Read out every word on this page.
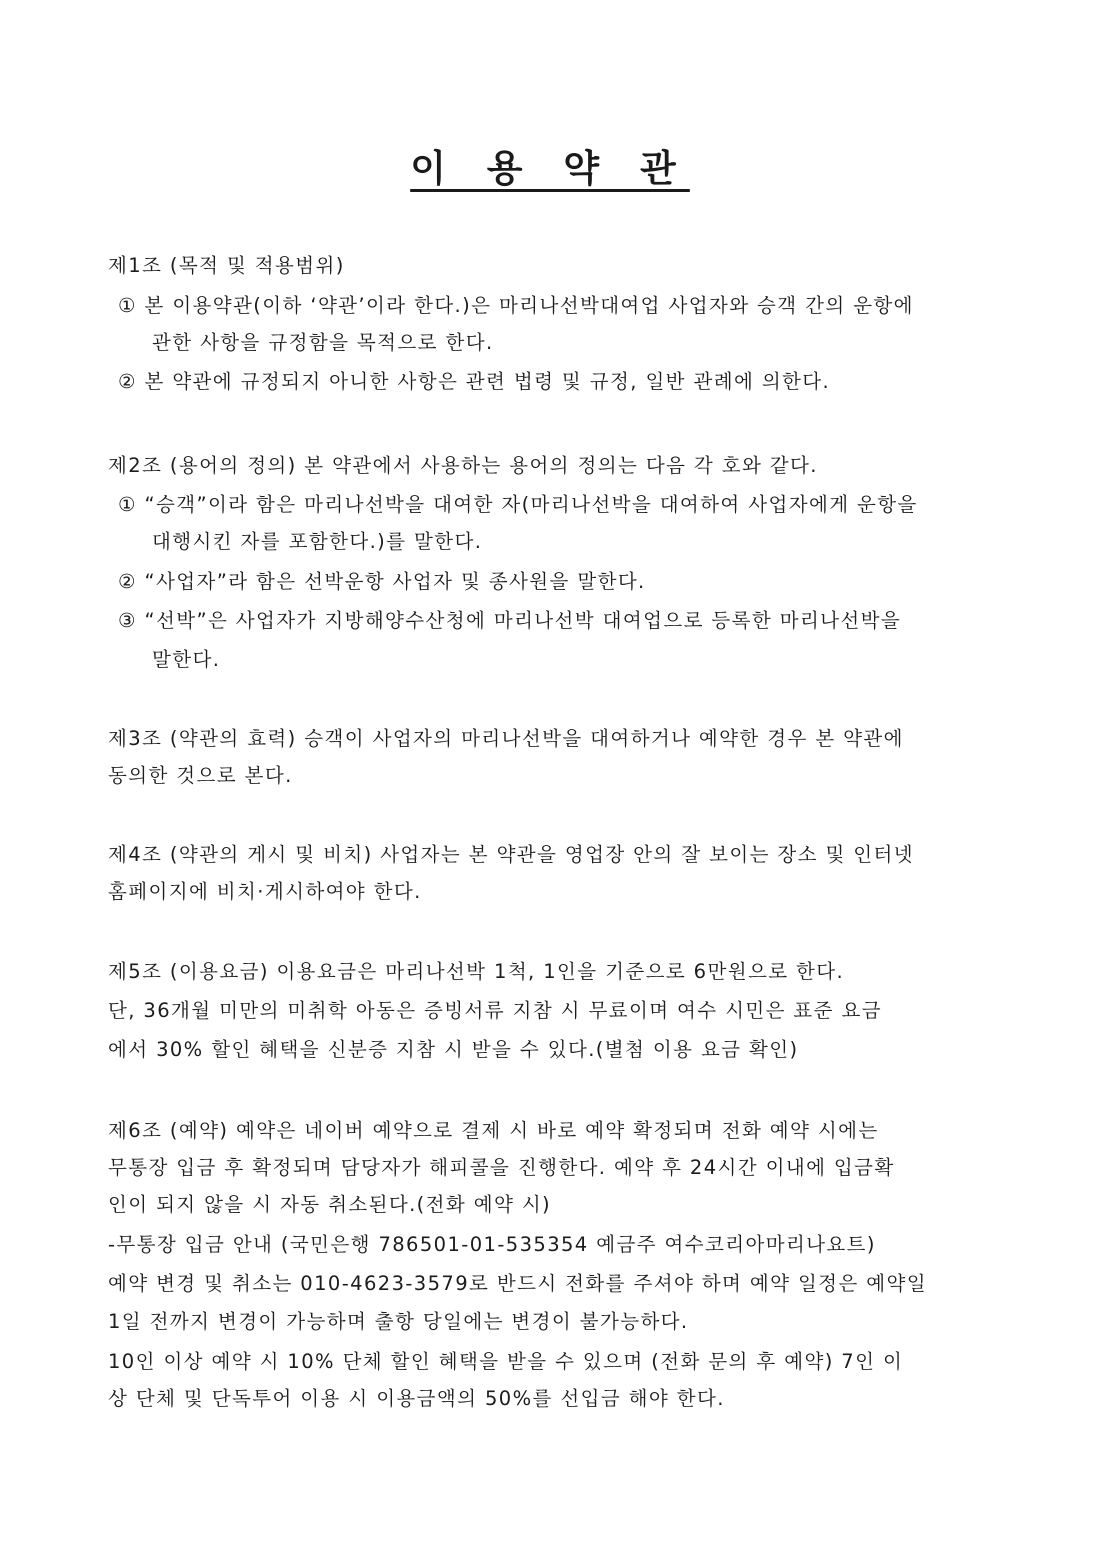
이 용 약 관
제1조 (목적 및 적용범위)
① 본 이용약관(이하 ‘약관’이라 한다.)은 마리나선박대여업 사업자와 승객 간의 운항에
관한 사항을 규정함을 목적으로 한다.
② 본 약관에 규정되지 아니한 사항은 관련 법령 및 규정, 일반 관례에 의한다.
제2조 (용어의 정의) 본 약관에서 사용하는 용어의 정의는 다음 각 호와 같다.
① “승객”이라 함은 마리나선박을 대여한 자(마리나선박을 대여하여 사업자에게 운항을
대행시킨 자를 포함한다.)를 말한다.
② “사업자”라 함은 선박운항 사업자 및 종사원을 말한다.
③ “선박”은 사업자가 지방해양수산청에 마리나선박 대여업으로 등록한 마리나선박을
말한다.
제3조 (약관의 효력) 승객이 사업자의 마리나선박을 대여하거나 예약한 경우 본 약관에
동의한 것으로 본다.
제4조 (약관의 게시 및 비치) 사업자는 본 약관을 영업장 안의 잘 보이는 장소 및 인터넷
홈페이지에 비치·게시하여야 한다.
제5조 (이용요금) 이용요금은 마리나선박 1척, 1인을 기준으로 6만원으로 한다.
단, 36개월 미만의 미취학 아동은 증빙서류 지참 시 무료이며 여수 시민은 표준 요금
에서 30% 할인 혜택을 신분증 지참 시 받을 수 있다.(별첨 이용 요금 확인)
제6조 (예약) 예약은 네이버 예약으로 결제 시 바로 예약 확정되며 전화 예약 시에는
무통장 입금 후 확정되며 담당자가 해피콜을 진행한다. 예약 후 24시간 이내에 입금확
인이 되지 않을 시 자동 취소된다.(전화 예약 시)
-무통장 입금 안내 (국민은행 786501-01-535354 예금주 여수코리아마리나요트)
예약 변경 및 취소는 010-4623-3579로 반드시 전화를 주셔야 하며 예약 일정은 예약일
1일 전까지 변경이 가능하며 출항 당일에는 변경이 불가능하다.
10인 이상 예약 시 10% 단체 할인 혜택을 받을 수 있으며 (전화 문의 후 예약) 7인 이
상 단체 및 단독투어 이용 시 이용금액의 50%를 선입금 해야 한다.
